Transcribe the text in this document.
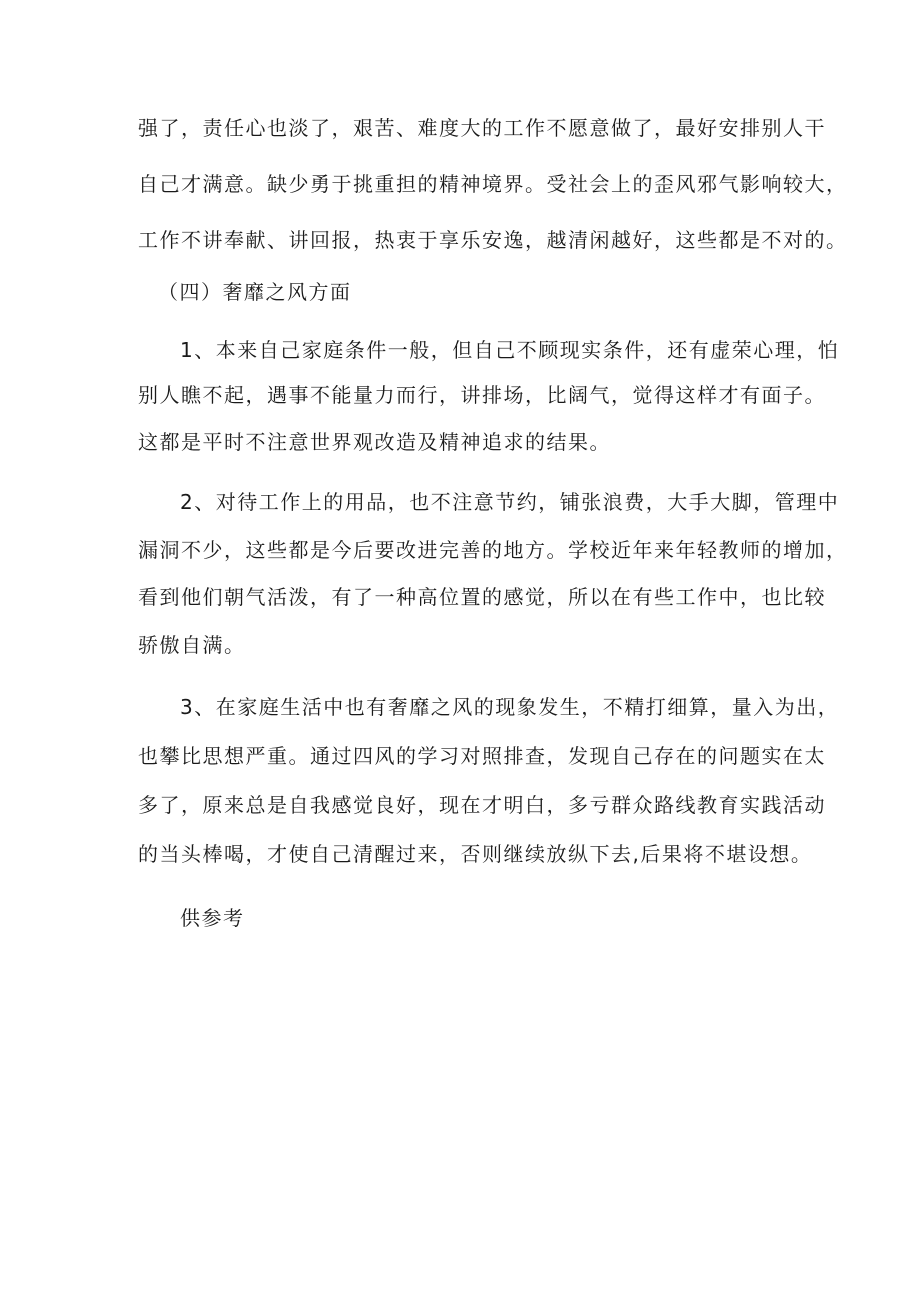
强了，责任心也淡了，艰苦、难度大的工作不愿意做了，最好安排别人干
自己才满意。缺少勇于挑重担的精神境界。受社会上的歪风邪气影响较大，
工作不讲奉献、讲回报，热衷于享乐安逸，越清闲越好，这些都是不对的。
（四）奢靡之风方面
1、本来自己家庭条件一般，但自己不顾现实条件，还有虚荣心理，怕
别人瞧不起，遇事不能量力而行，讲排场，比阔气，觉得这样才有面子。
这都是平时不注意世界观改造及精神追求的结果。
2、对待工作上的用品，也不注意节约，铺张浪费，大手大脚，管理中
漏洞不少，这些都是今后要改进完善的地方。学校近年来年轻教师的增加，
看到他们朝气活泼，有了一种高位置的感觉，所以在有些工作中，也比较
骄傲自满。
3、在家庭生活中也有奢靡之风的现象发生，不精打细算，量入为出，
也攀比思想严重。通过四风的学习对照排查，发现自己存在的问题实在太
多了，原来总是自我感觉良好，现在才明白，多亏群众路线教育实践活动
的当头棒喝，才使自己清醒过来，否则继续放纵下去,后果将不堪设想。
供参考
